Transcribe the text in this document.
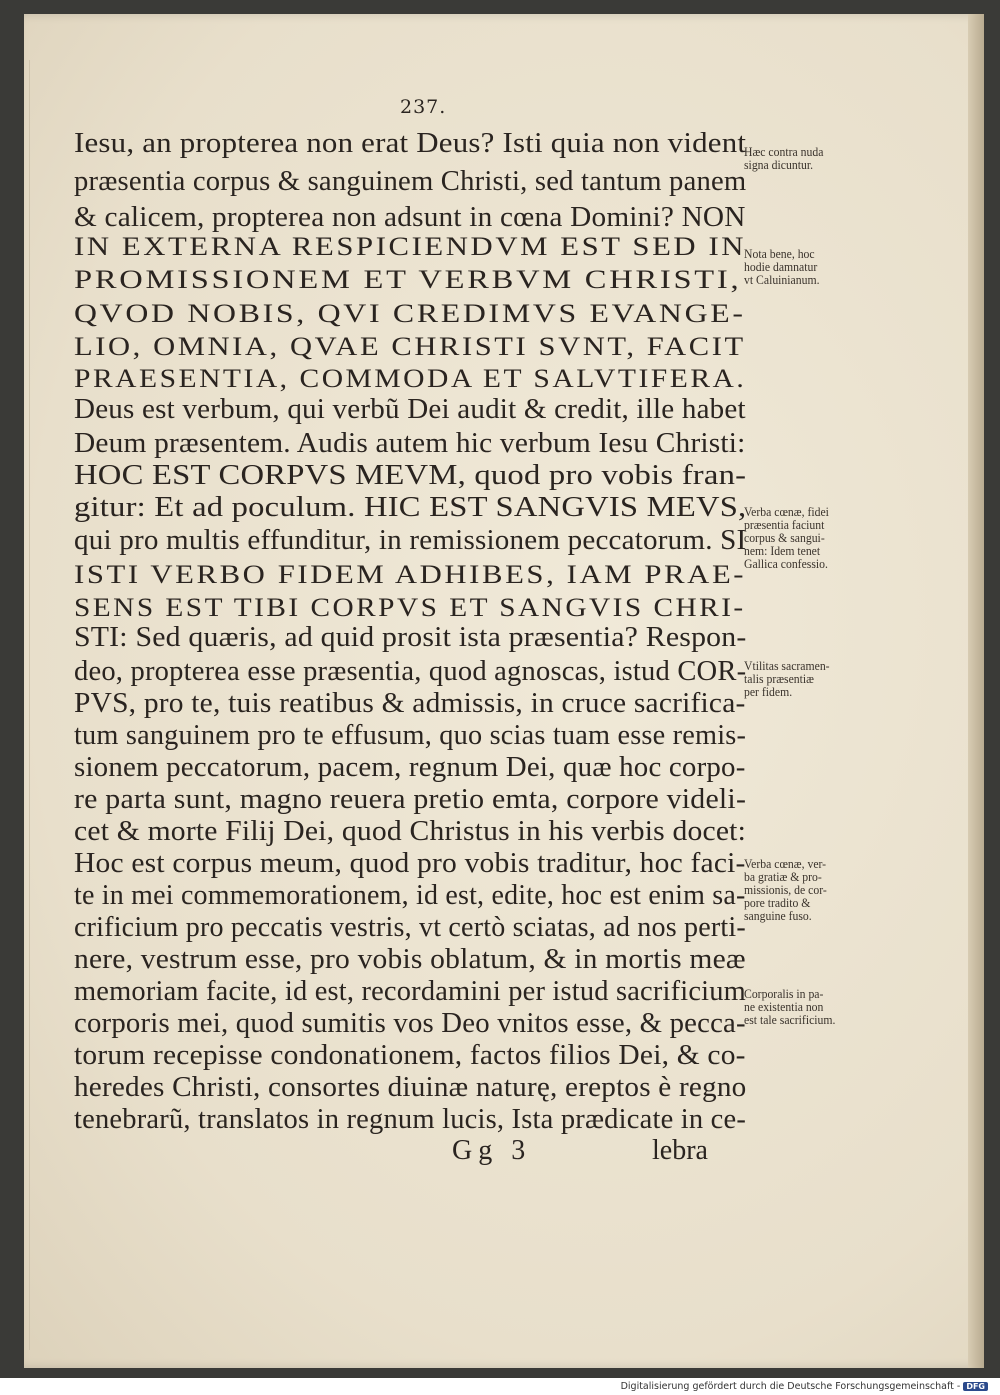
237.
Iesu, an propterea non erat Deus? Isti quia non vident
præsentia corpus & sanguinem Christi, sed tantum panem
& calicem, propterea non adsunt in cœna Domini? NON
IN EXTERNA RESPICIENDVM EST SED IN
PROMISSIONEM ET VERBVM CHRISTI,
QVOD NOBIS, QVI CREDIMVS EVANGE-
LIO, OMNIA, QVAE CHRISTI SVNT, FACIT
PRAESENTIA, COMMODA ET SALVTIFERA.
Deus est verbum, qui verbũ Dei audit & credit, ille habet
Deum præsentem. Audis autem hic verbum Iesu Christi:
HOC EST CORPVS MEVM, quod pro vobis fran-
gitur: Et ad poculum. HIC EST SANGVIS MEVS,
qui pro multis effunditur, in remissionem peccatorum. SI
ISTI VERBO FIDEM ADHIBES, IAM PRAE-
SENS EST TIBI CORPVS ET SANGVIS CHRI-
STI: Sed quæris, ad quid prosit ista præsentia? Respon-
deo, propterea esse præsentia, quod agnoscas, istud COR-
PVS, pro te, tuis reatibus & admissis, in cruce sacrifica-
tum sanguinem pro te effusum, quo scias tuam esse remis-
sionem peccatorum, pacem, regnum Dei, quæ hoc corpo-
re parta sunt, magno reuera pretio emta, corpore videli-
cet & morte Filij Dei, quod Christus in his verbis docet:
Hoc est corpus meum, quod pro vobis traditur, hoc faci-
te in mei commemorationem, id est, edite, hoc est enim sa-
crificium pro peccatis vestris, vt certò sciatas, ad nos perti-
nere, vestrum esse, pro vobis oblatum, & in mortis meæ
memoriam facite, id est, recordamini per istud sacrificium
corporis mei, quod sumitis vos Deo vnitos esse, & pecca-
torum recepisse condonationem, factos filios Dei, & co-
heredes Christi, consortes diuinæ naturę, ereptos è regno
tenebrarũ, translatos in regnum lucis, Ista prædicate in ce-
Hæc contra nuda
signa dicuntur.
Nota bene, hoc
hodie damnatur
vt Caluinianum.
Verba cœnæ, fidei
præsentia faciunt
corpus & sangui-
nem: Idem tenet
Gallica confessio.
Vtilitas sacramen-
talis præsentiæ
per fidem.
Verba cœnæ, ver-
ba gratiæ & pro-
missionis, de cor-
pore tradito &
sanguine fuso.
Corporalis in pa-
ne existentia non
est tale sacrificium.
Gg 3	lebra
Digitalisierung gefördert durch die Deutsche Forschungsgemeinschaft - DFG
